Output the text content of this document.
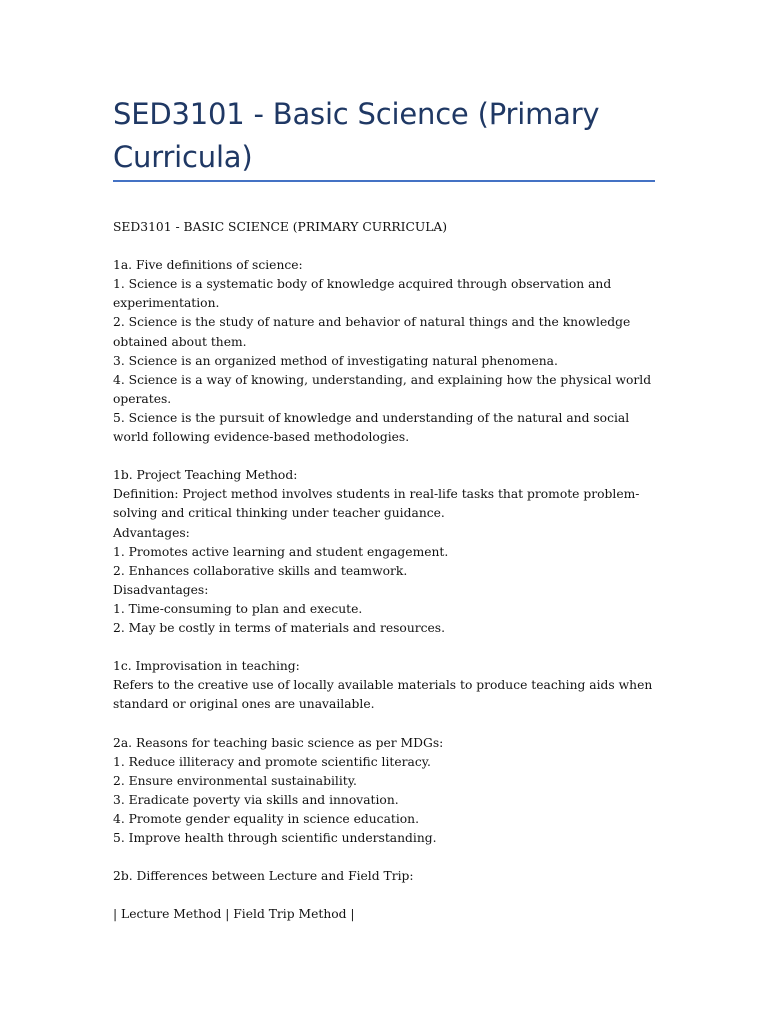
SED3101 - Basic Science (Primary Curricula)
SED3101 - BASIC SCIENCE (PRIMARY CURRICULA)
1a. Five definitions of science:
1. Science is a systematic body of knowledge acquired through observation and experimentation.
2. Science is the study of nature and behavior of natural things and the knowledge obtained about them.
3. Science is an organized method of investigating natural phenomena.
4. Science is a way of knowing, understanding, and explaining how the physical world operates.
5. Science is the pursuit of knowledge and understanding of the natural and social world following evidence-based methodologies.
1b. Project Teaching Method:
Definition: Project method involves students in real-life tasks that promote problem-solving and critical thinking under teacher guidance.
Advantages:
1. Promotes active learning and student engagement.
2. Enhances collaborative skills and teamwork.
Disadvantages:
1. Time-consuming to plan and execute.
2. May be costly in terms of materials and resources.
1c. Improvisation in teaching:
Refers to the creative use of locally available materials to produce teaching aids when standard or original ones are unavailable.
2a. Reasons for teaching basic science as per MDGs:
1. Reduce illiteracy and promote scientific literacy.
2. Ensure environmental sustainability.
3. Eradicate poverty via skills and innovation.
4. Promote gender equality in science education.
5. Improve health through scientific understanding.
2b. Differences between Lecture and Field Trip:
| Lecture Method | Field Trip Method |
